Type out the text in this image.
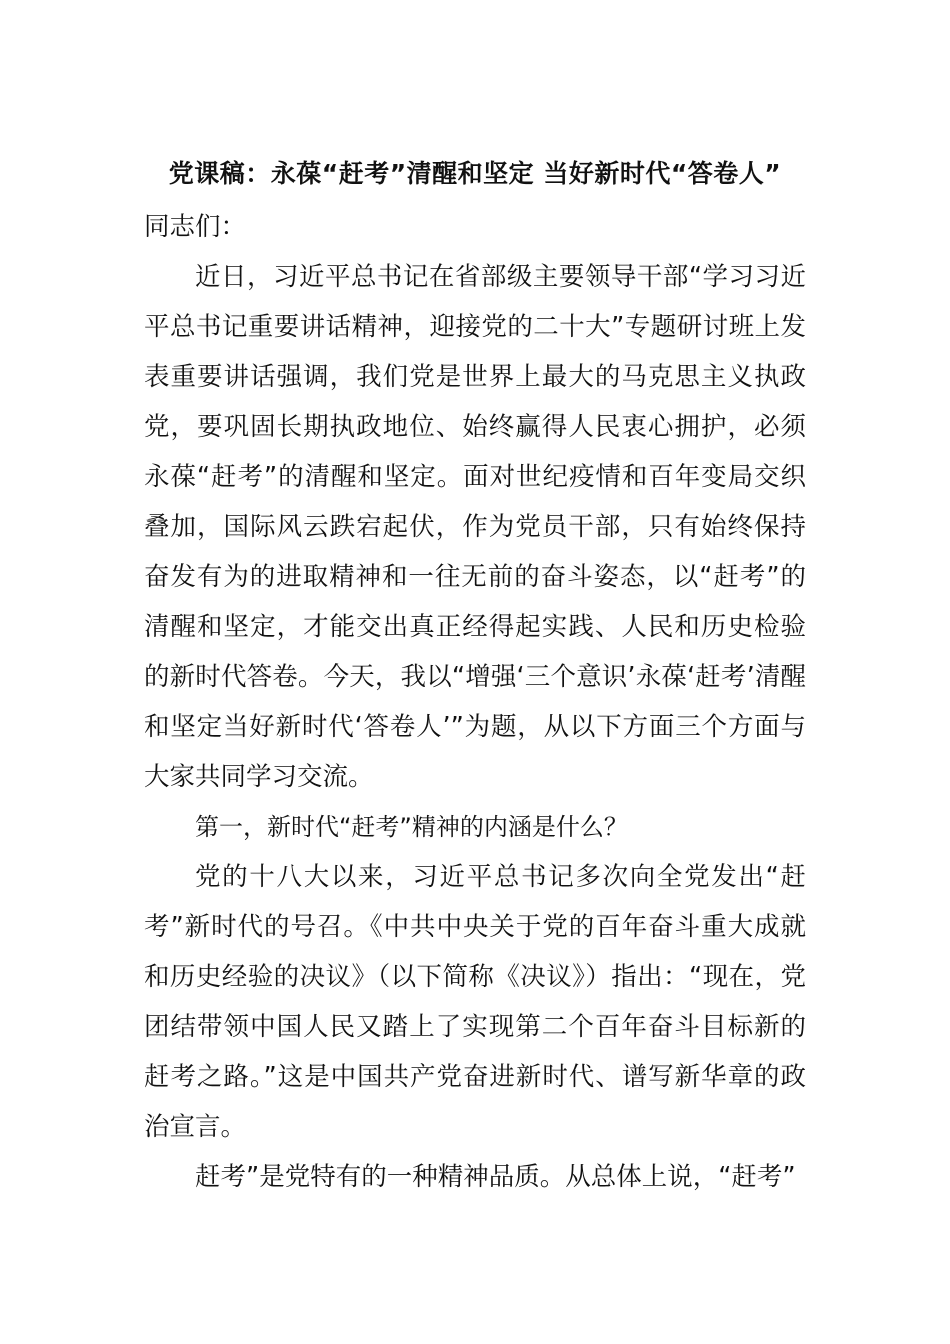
党课稿：永葆“赶考”清醒和坚定 当好新时代“答卷人”

同志们：

近日，习近平总书记在省部级主要领导干部“学习习近平总书记重要讲话精神，迎接党的二十大”专题研讨班上发表重要讲话强调，我们党是世界上最大的马克思主义执政党，要巩固长期执政地位、始终赢得人民衷心拥护，必须永葆“赶考”的清醒和坚定。面对世纪疫情和百年变局交织叠加，国际风云跌宕起伏，作为党员干部，只有始终保持奋发有为的进取精神和一往无前的奋斗姿态，以“赶考”的清醒和坚定，才能交出真正经得起实践、人民和历史检验的新时代答卷。今天，我以“增强‘三个意识’永葆‘赶考’清醒和坚定当好新时代‘答卷人’”为题，从以下方面三个方面与大家共同学习交流。

第一，新时代“赶考”精神的内涵是什么？

党的十八大以来，习近平总书记多次向全党发出“赶考”新时代的号召。《中共中央关于党的百年奋斗重大成就和历史经验的决议》（以下简称《决议》）指出：“现在，党团结带领中国人民又踏上了实现第二个百年奋斗目标新的赶考之路。”这是中国共产党奋进新时代、谱写新华章的政治宣言。

赶考”是党特有的一种精神品质。从总体上说，“赶考”
